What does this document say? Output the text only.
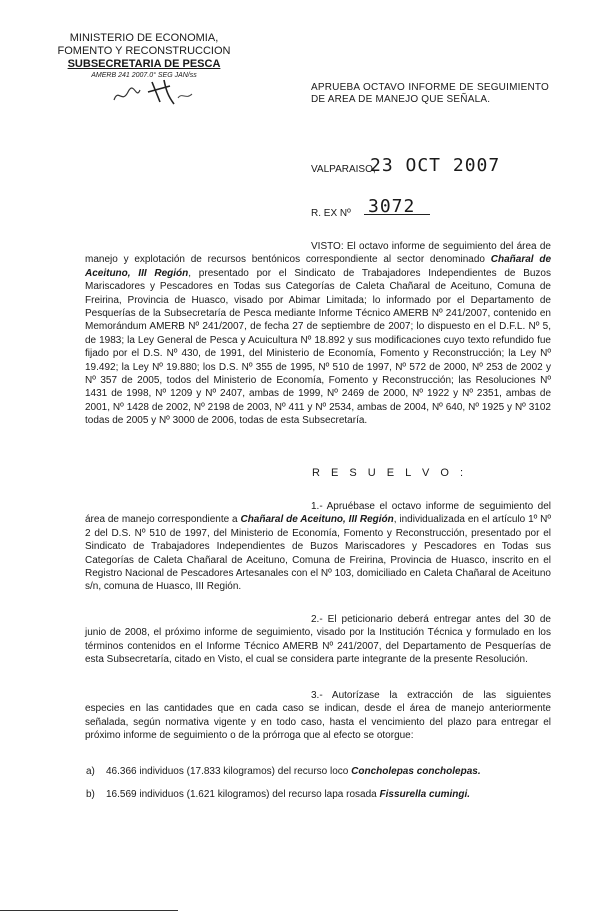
MINISTERIO DE ECONOMIA,
FOMENTO Y RECONSTRUCCION
SUBSECRETARIA DE PESCA
AMERB 241 2007.0° SEG JAN/ss
APRUEBA OCTAVO INFORME DE SEGUIMIENTO DE AREA DE MANEJO QUE SEÑALA.
VALPARAISO,
23 OCT 2007
R. EX Nº 3072
VISTO: El octavo informe de seguimiento del área de manejo y explotación de recursos bentónicos correspondiente al sector denominado Chañaral de Aceituno, III Región, presentado por el Sindicato de Trabajadores Independientes de Buzos Mariscadores y Pescadores en Todas sus Categorías de Caleta Chañaral de Aceituno, Comuna de Freirina, Provincia de Huasco, visado por Abimar Limitada; lo informado por el Departamento de Pesquerías de la Subsecretaría de Pesca mediante Informe Técnico AMERB Nº 241/2007, contenido en Memorándum AMERB Nº 241/2007, de fecha 27 de septiembre de 2007; lo dispuesto en el D.F.L. Nº 5, de 1983; la Ley General de Pesca y Acuicultura Nº 18.892 y sus modificaciones cuyo texto refundido fue fijado por el D.S. Nº 430, de 1991, del Ministerio de Economía, Fomento y Reconstrucción; la Ley Nº 19.492; la Ley Nº 19.880; los D.S. Nº 355 de 1995, Nº 510 de 1997, Nº 572 de 2000, Nº 253 de 2002 y Nº 357 de 2005, todos del Ministerio de Economía, Fomento y Reconstrucción; las Resoluciones Nº 1431 de 1998, Nº 1209 y Nº 2407, ambas de 1999, Nº 2469 de 2000, Nº 1922 y Nº 2351, ambas de 2001, Nº 1428 de 2002, Nº 2198 de 2003, Nº 411 y Nº 2534, ambas de 2004, Nº 640, Nº 1925 y Nº 3102 todas de 2005 y Nº 3000 de 2006, todas de esta Subsecretaría.
R E S U E L V O :
1.- Apruébase el octavo informe de seguimiento del área de manejo correspondiente a Chañaral de Aceituno, III Región, individualizada en el artículo 1º Nº 2 del D.S. Nº 510 de 1997, del Ministerio de Economía, Fomento y Reconstrucción, presentado por el Sindicato de Trabajadores Independientes de Buzos Mariscadores y Pescadores en Todas sus Categorías de Caleta Chañaral de Aceituno, Comuna de Freirina, Provincia de Huasco, inscrito en el Registro Nacional de Pescadores Artesanales con el Nº 103, domiciliado en Caleta Chañaral de Aceituno s/n, comuna de Huasco, III Región.
2.- El peticionario deberá entregar antes del 30 de junio de 2008, el próximo informe de seguimiento, visado por la Institución Técnica y formulado en los términos contenidos en el Informe Técnico AMERB Nº 241/2007, del Departamento de Pesquerías de esta Subsecretaría, citado en Visto, el cual se considera parte integrante de la presente Resolución.
3.- Autorízase la extracción de las siguientes especies en las cantidades que en cada caso se indican, desde el área de manejo anteriormente señalada, según normativa vigente y en todo caso, hasta el vencimiento del plazo para entregar el próximo informe de seguimiento o de la prórroga que al efecto se otorgue:
a) 46.366 individuos (17.833 kilogramos) del recurso loco Concholepas concholepas.
b) 16.569 individuos (1.621 kilogramos) del recurso lapa rosada Fissurella cumingi.
